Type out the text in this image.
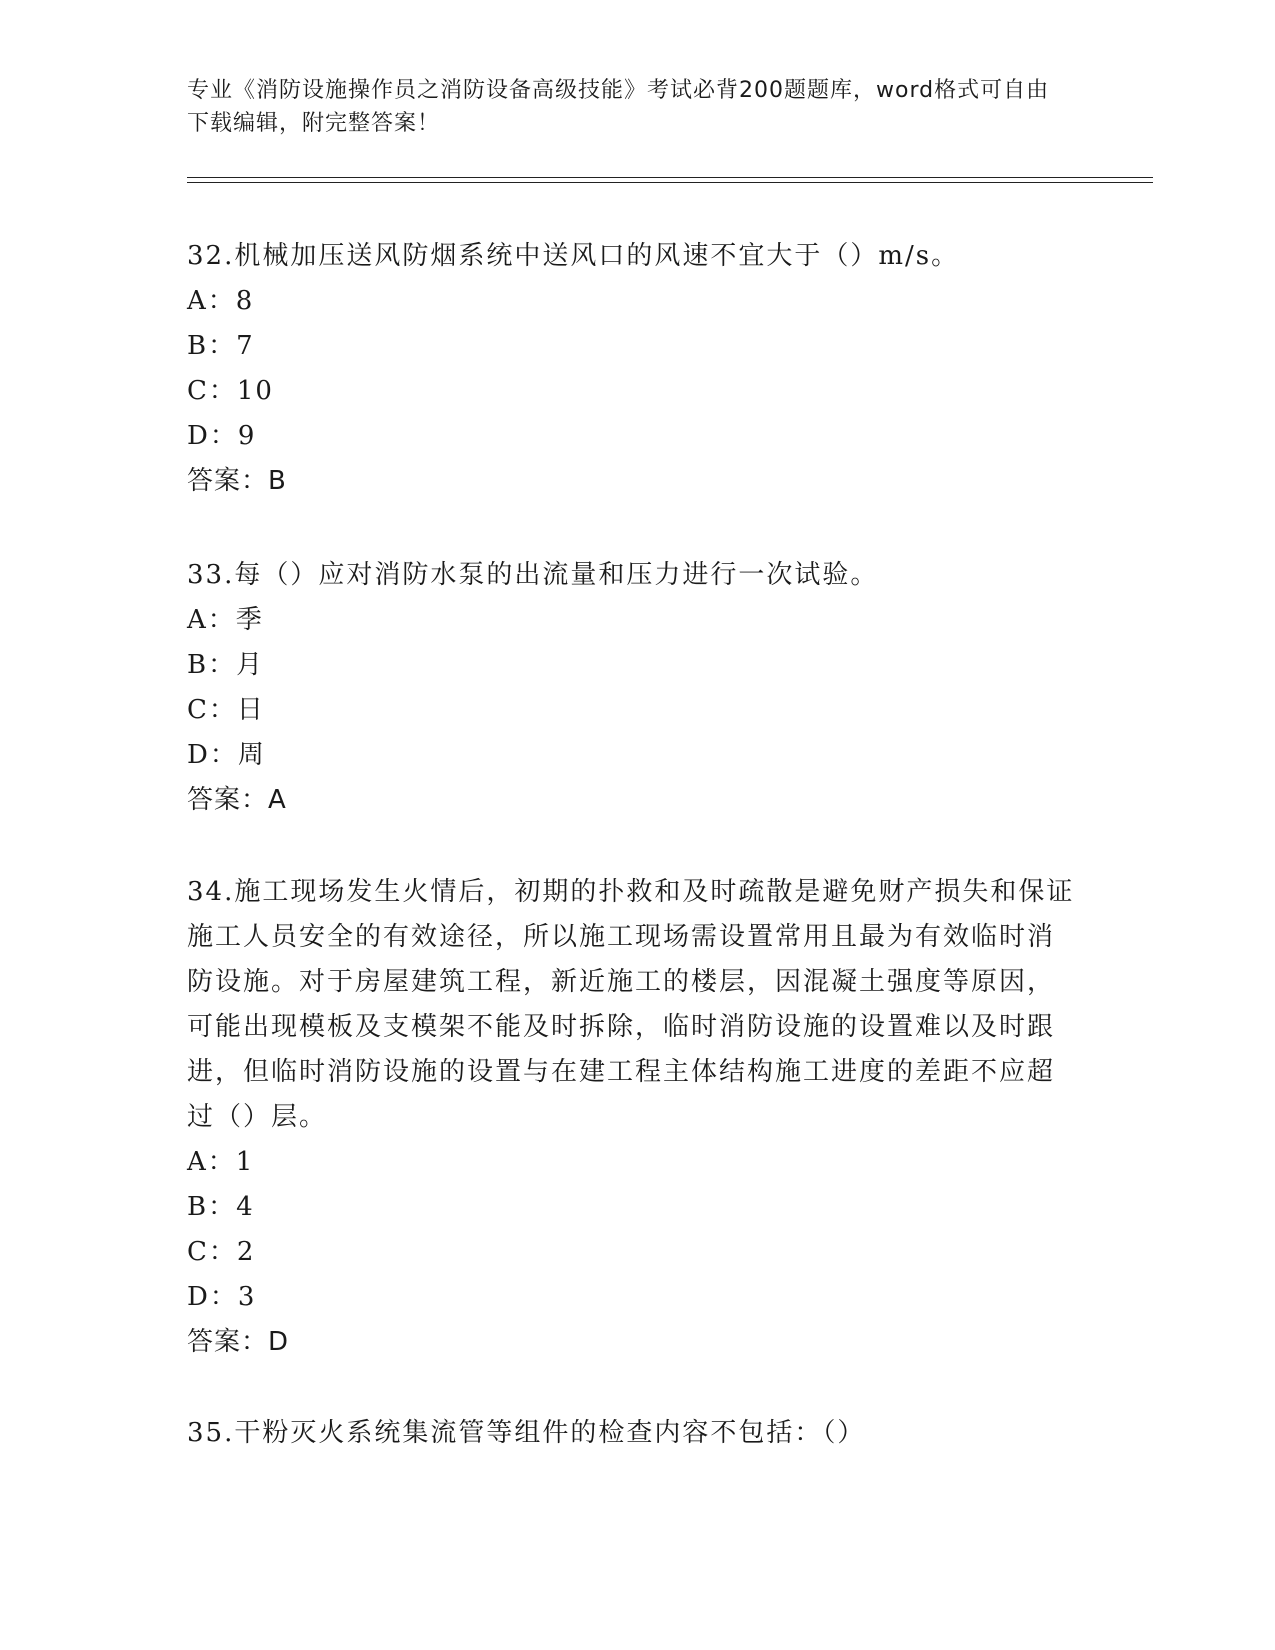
专业《消防设施操作员之消防设备高级技能》考试必背200题题库，word格式可自由下载编辑，附完整答案！

32.机械加压送风防烟系统中送风口的风速不宜大于（）m/s。

A：8

B：7

C：10

D：9

答案：B

33.每（）应对消防水泵的出流量和压力进行一次试验。

A：季

B：月

C：日

D：周

答案：A

34.施工现场发生火情后，初期的扑救和及时疏散是避免财产损失和保证施工人员安全的有效途径，所以施工现场需设置常用且最为有效临时消防设施。对于房屋建筑工程，新近施工的楼层，因混凝土强度等原因，可能出现模板及支模架不能及时拆除，临时消防设施的设置难以及时跟进，但临时消防设施的设置与在建工程主体结构施工进度的差距不应超过（）层。

A：1

B：4

C：2

D：3

答案：D

35.干粉灭火系统集流管等组件的检查内容不包括：（）
